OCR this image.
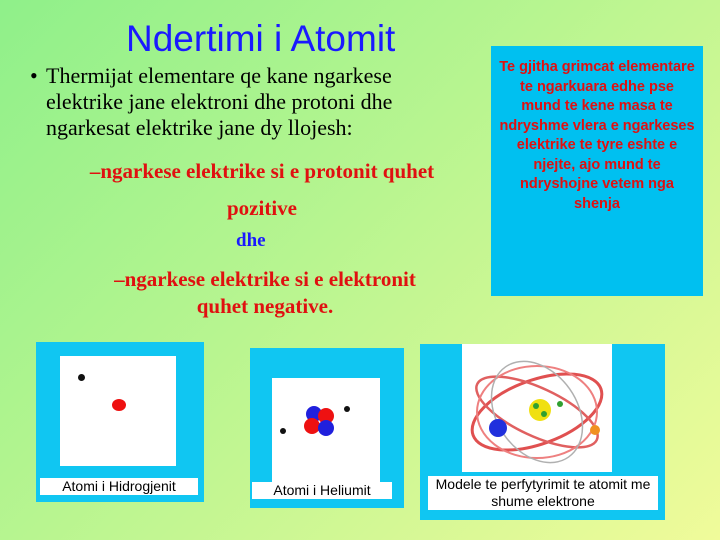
Ndertimi i Atomit
• Thermijat elementare qe kane ngarkese elektrike jane elektroni dhe protoni dhe ngarkesat elektrike jane dy llojesh:
–ngarkese elektrike si e protonit quhet pozitive
dhe
–ngarkese elektrike si e elektronit quhet negative.
Te gjitha grimcat elementare te ngarkuara edhe pse mund te kene masa te ndryshme vlera e ngarkeses elektrike te tyre eshte e njejte, ajo mund te ndryshojne vetem nga shenja
Atomi i Hidrogjenit	Atomi i Heliumit	Modele te perfytyrimit te atomit me shume elektrone
